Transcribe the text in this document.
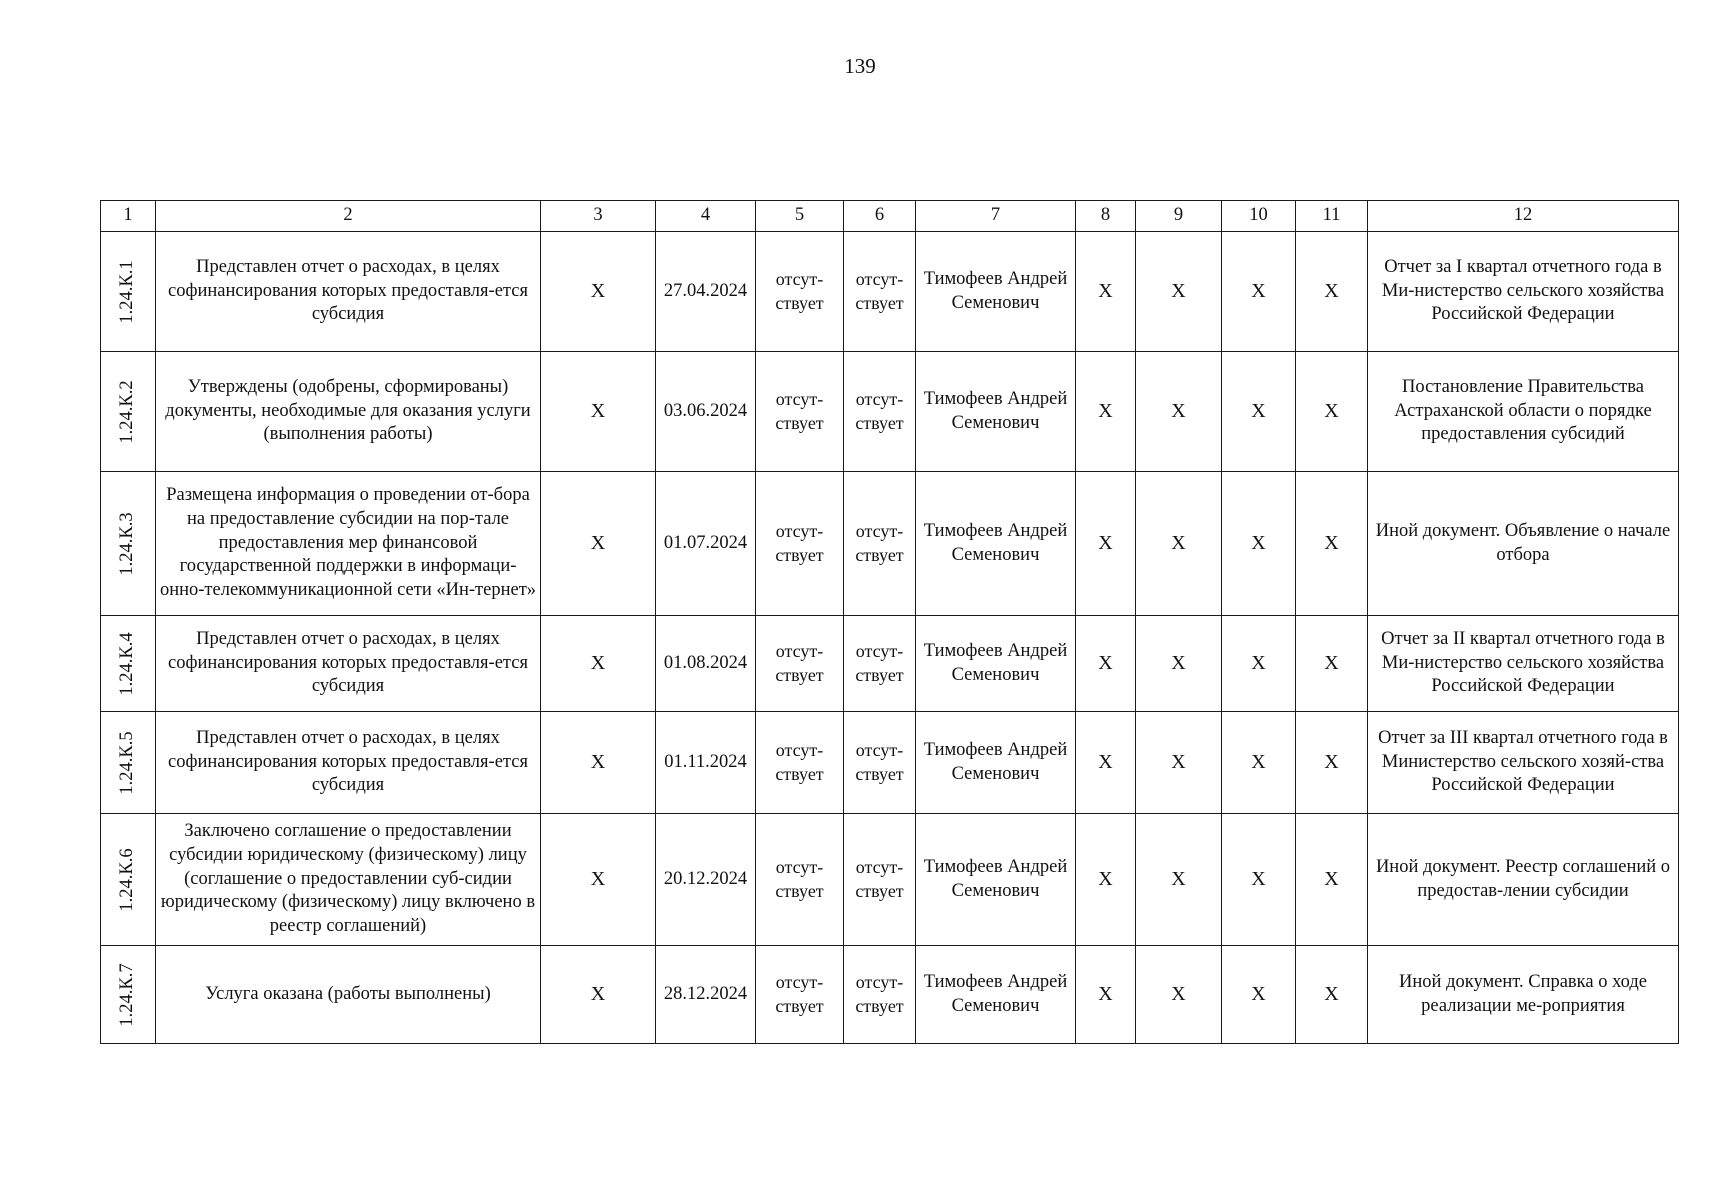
139
1	2	3	4	5	6	7	8	9	10	11	12

1.24.К.1	Представлен отчет о расходах, в целях софинансирования которых предоставля-ется субсидия	X	27.04.2024	отсут-ствует	отсут-ствует	Тимофеев Андрей Семенович	X	X	X	X	Отчет за I квартал отчетного года в Ми-нистерство сельского хозяйства Российской Федерации

1.24.К.2	Утверждены (одобрены, сформированы) документы, необходимые для оказания услуги (выполнения работы)	X	03.06.2024	отсут-ствует	отсут-ствует	Тимофеев Андрей Семенович	X	X	X	X	Постановление Правительства Астраханской области о порядке предоставления субсидий

1.24.К.3	Размещена информация о проведении от-бора на предоставление субсидии на пор-тале предоставления мер финансовой государственной поддержки в информаци-онно-телекоммуникационной сети «Ин-тернет»	X	01.07.2024	отсут-ствует	отсут-ствует	Тимофеев Андрей Семенович	X	X	X	X	Иной документ. Объявление о начале отбора

1.24.К.4	Представлен отчет о расходах, в целях софинансирования которых предоставля-ется субсидия	X	01.08.2024	отсут-ствует	отсут-ствует	Тимофеев Андрей Семенович	X	X	X	X	Отчет за II квартал отчетного года в Ми-нистерство сельского хозяйства Российской Федерации

1.24.К.5	Представлен отчет о расходах, в целях софинансирования которых предоставля-ется субсидия	X	01.11.2024	отсут-ствует	отсут-ствует	Тимофеев Андрей Семенович	X	X	X	X	Отчет за III квартал отчетного года в Министерство сельского хозяй-ства Российской Федерации

1.24.К.6	Заключено соглашение о предоставлении субсидии юридическому (физическому) лицу (соглашение о предоставлении суб-сидии юридическому (физическому) лицу включено в реестр соглашений)	X	20.12.2024	отсут-ствует	отсут-ствует	Тимофеев Андрей Семенович	X	X	X	X	Иной документ. Реестр соглашений о предостав-лении субсидии

1.24.К.7	Услуга оказана (работы выполнены)	X	28.12.2024	отсут-ствует	отсут-ствует	Тимофеев Андрей Семенович	X	X	X	X	Иной документ. Справка о ходе реализации ме-роприятия
